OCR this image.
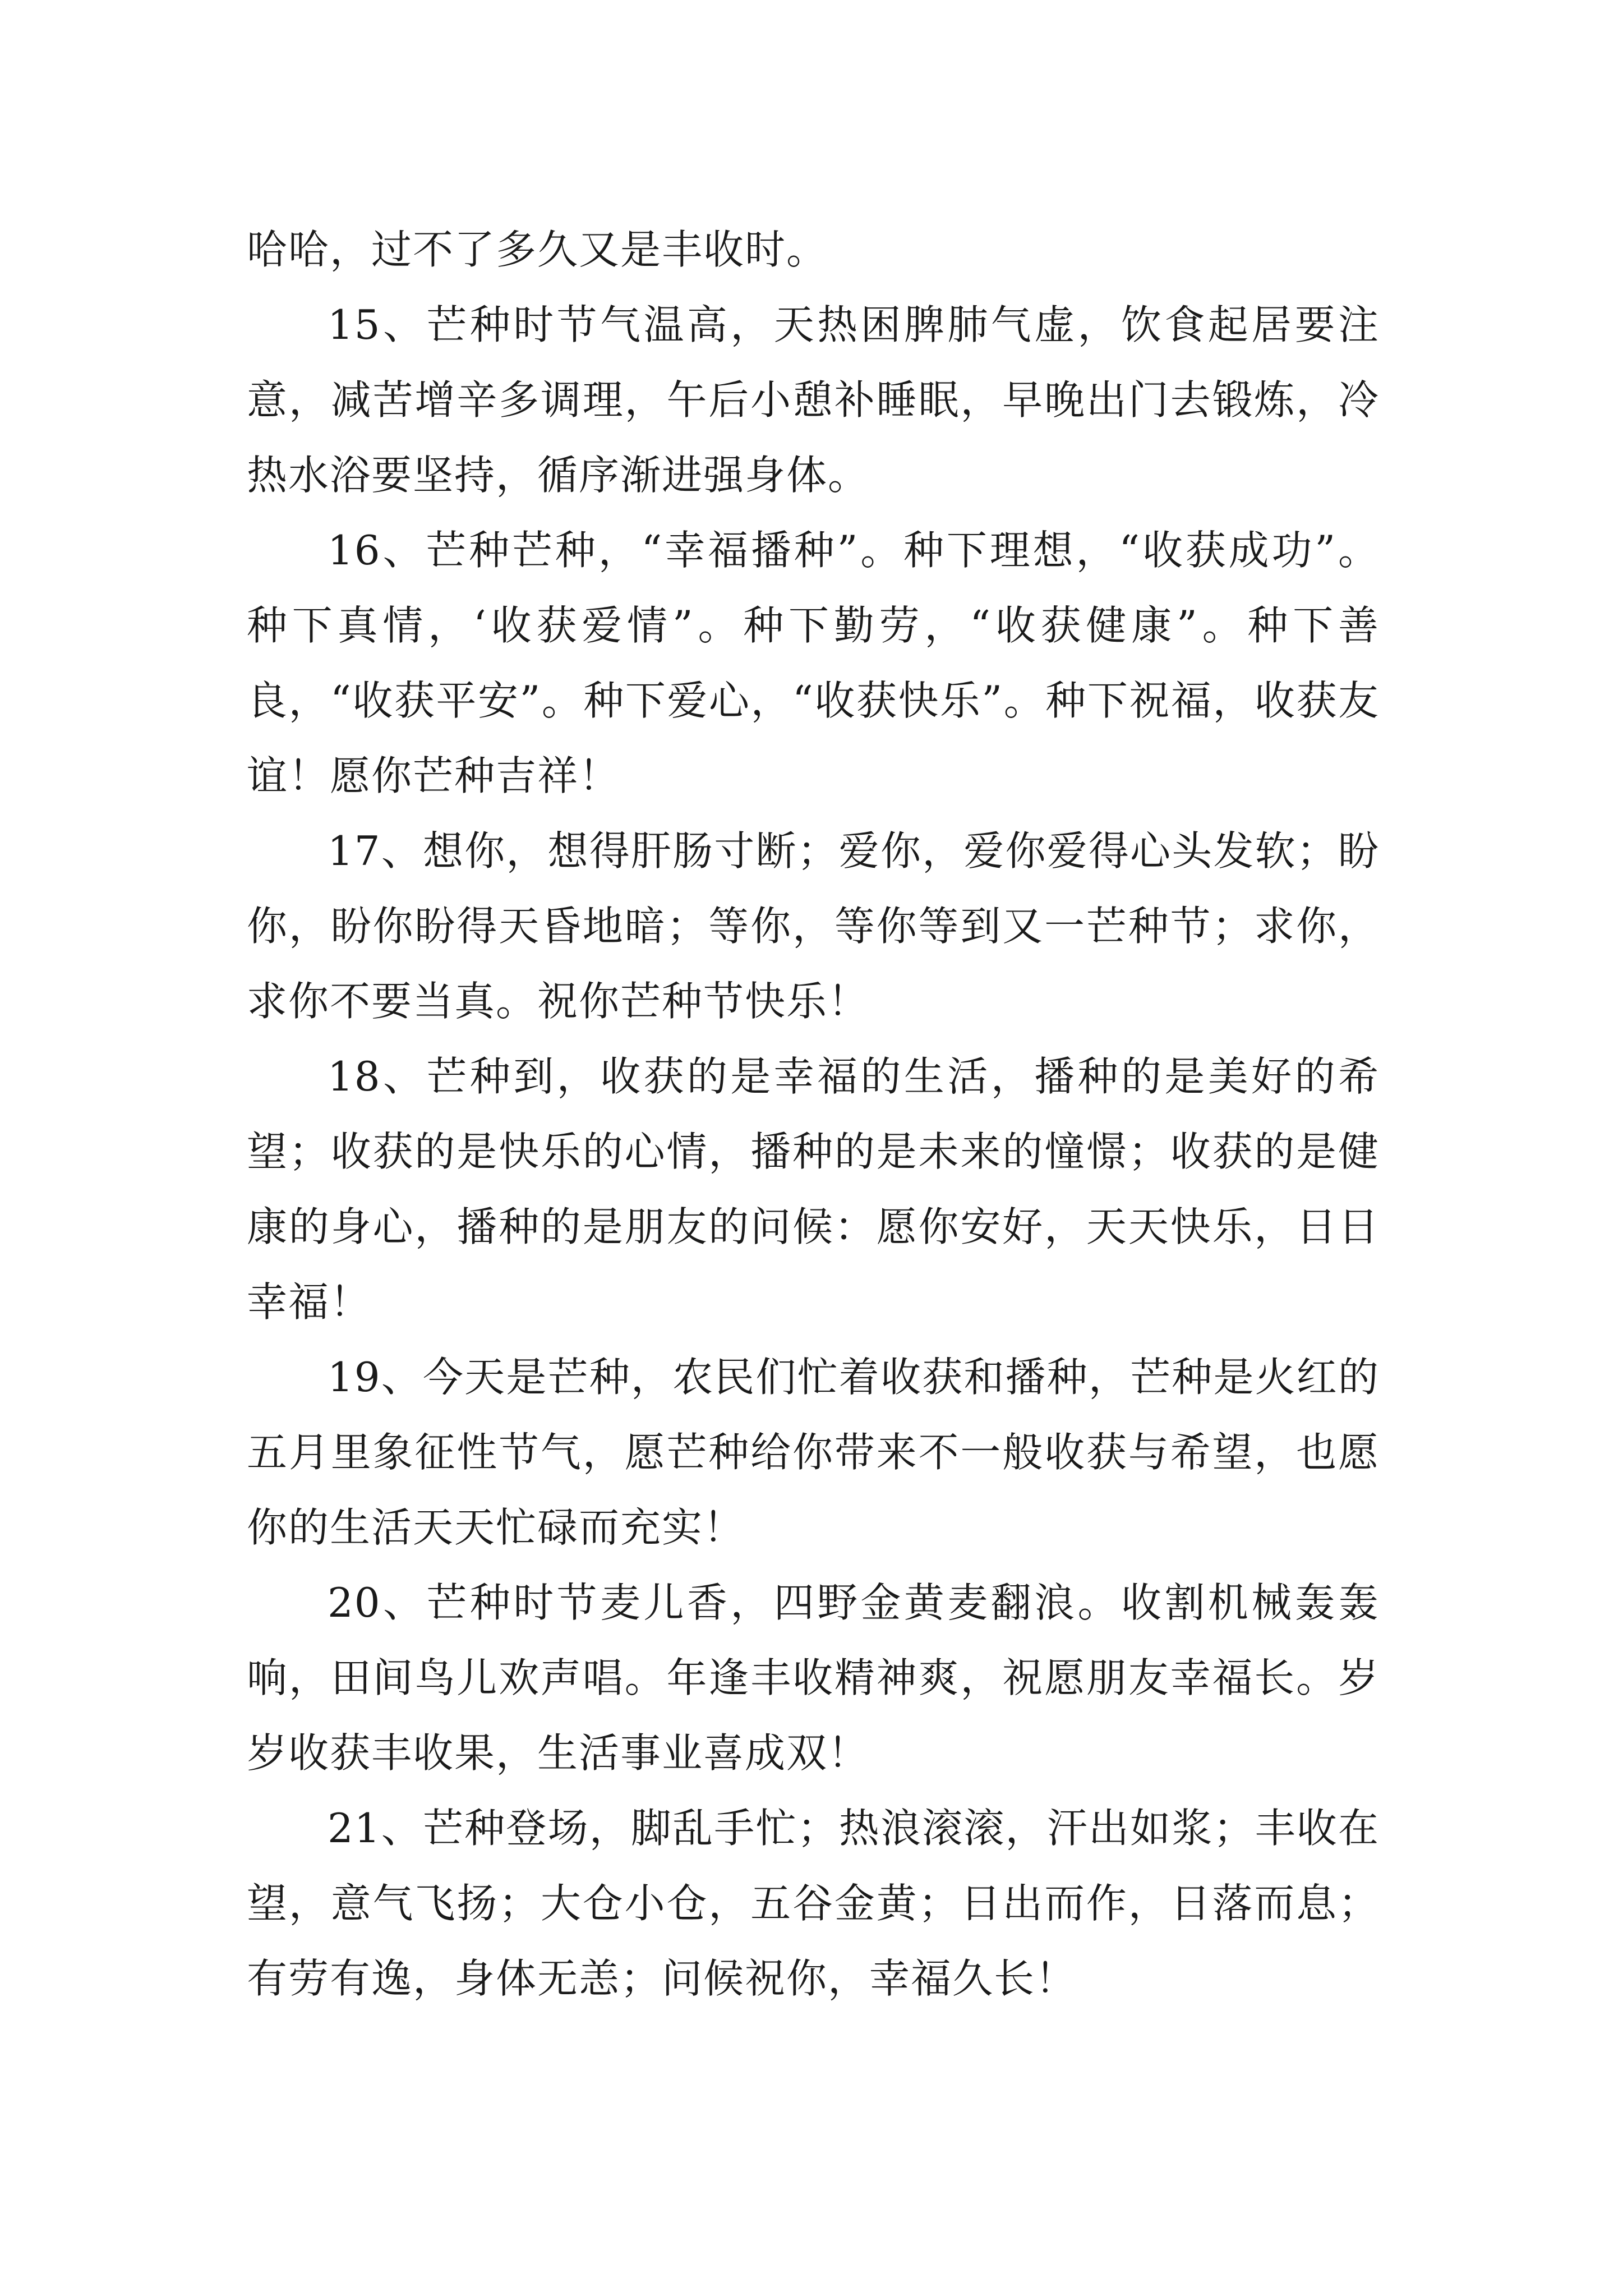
哈哈，过不了多久又是丰收时。

15、芒种时节气温高，天热困脾肺气虚，饮食起居要注意，减苦增辛多调理，午后小憩补睡眠，早晚出门去锻炼，冷热水浴要坚持，循序渐进强身体。

16、芒种芒种，“幸福播种”。种下理想，“收获成功”。种下真情，‘收获爱情”。种下勤劳，“收获健康”。种下善良，“收获平安”。种下爱心，“收获快乐”。种下祝福，收获友谊！愿你芒种吉祥！

17、想你，想得肝肠寸断；爱你，爱你爱得心头发软；盼你，盼你盼得天昏地暗；等你，等你等到又一芒种节；求你，求你不要当真。祝你芒种节快乐！

18、芒种到，收获的是幸福的生活，播种的是美好的希望；收获的是快乐的心情，播种的是未来的憧憬；收获的是健康的身心，播种的是朋友的问候：愿你安好，天天快乐，日日幸福！

19、今天是芒种，农民们忙着收获和播种，芒种是火红的五月里象征性节气，愿芒种给你带来不一般收获与希望，也愿你的生活天天忙碌而充实！

20、芒种时节麦儿香，四野金黄麦翻浪。收割机械轰轰响，田间鸟儿欢声唱。年逢丰收精神爽，祝愿朋友幸福长。岁岁收获丰收果，生活事业喜成双！

21、芒种登场，脚乱手忙；热浪滚滚，汗出如浆；丰收在望，意气飞扬；大仓小仓，五谷金黄；日出而作，日落而息；有劳有逸，身体无恙；问候祝你，幸福久长！
